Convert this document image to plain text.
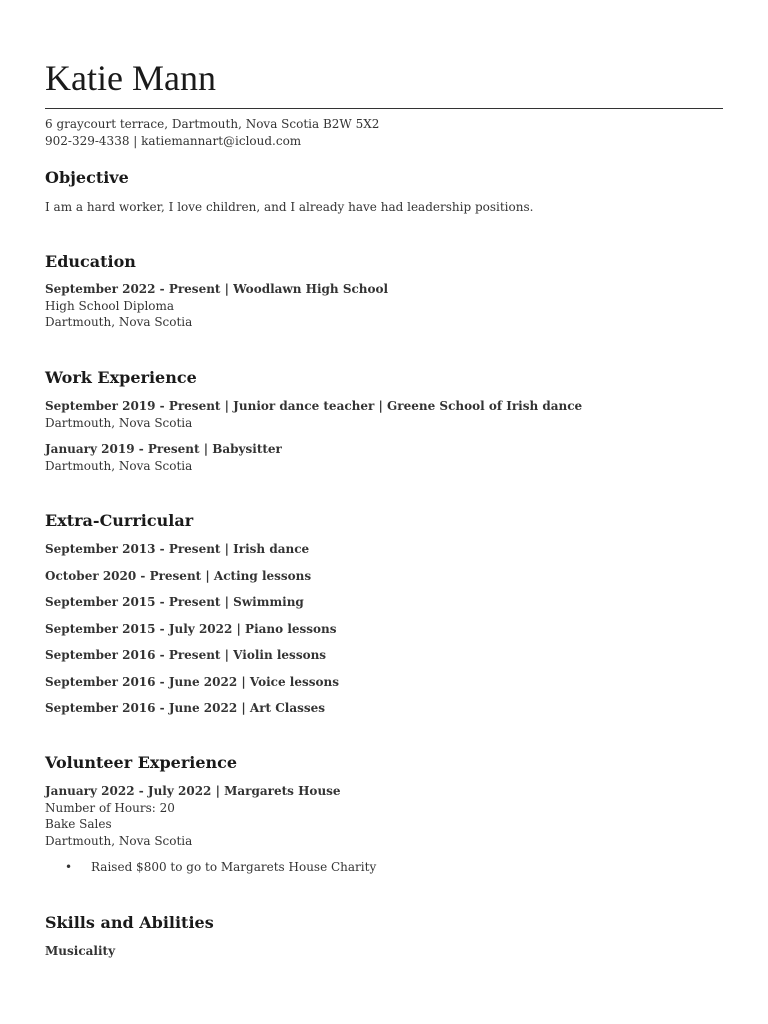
Katie Mann
6 graycourt terrace, Dartmouth, Nova Scotia B2W 5X2
902-329-4338 | katiemannart@icloud.com
Objective
I am a hard worker, I love children, and I already have had leadership positions.
Education
September 2022 - Present | Woodlawn High School
High School Diploma
Dartmouth, Nova Scotia
Work Experience
September 2019 - Present | Junior dance teacher | Greene School of Irish dance
Dartmouth, Nova Scotia
January 2019 - Present | Babysitter
Dartmouth, Nova Scotia
Extra-Curricular
September 2013 - Present | Irish dance
October 2020 - Present | Acting lessons
September 2015 - Present | Swimming
September 2015 - July 2022 | Piano lessons
September 2016 - Present | Violin lessons
September 2016 - June 2022 | Voice lessons
September 2016 - June 2022 | Art Classes
Volunteer Experience
January 2022 - July 2022 | Margarets House
Number of Hours: 20
Bake Sales
Dartmouth, Nova Scotia
• Raised $800 to go to Margarets House Charity
Skills and Abilities
Musicality
